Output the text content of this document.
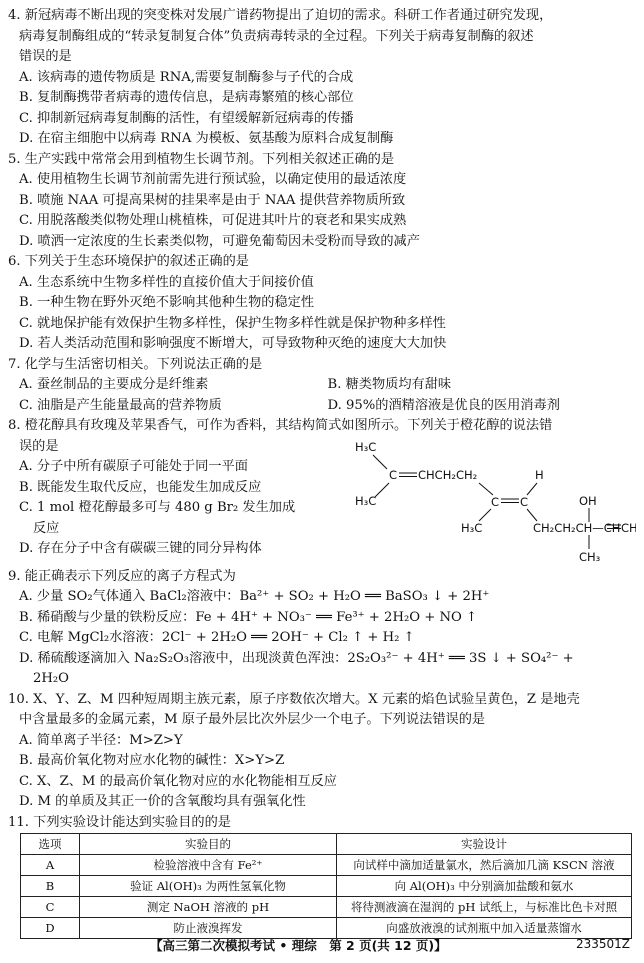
4. 新冠病毒不断出现的突变株对发展广谱药物提出了迫切的需求。科研工作者通过研究发现，
病毒复制酶组成的“转录复制复合体”负责病毒转录的全过程。下列关于病毒复制酶的叙述
错误的是
A. 该病毒的遗传物质是 RNA,需要复制酶参与子代的合成
B. 复制酶携带者病毒的遗传信息，是病毒繁殖的核心部位
C. 抑制新冠病毒复制酶的活性，有望缓解新冠病毒的传播
D. 在宿主细胞中以病毒 RNA 为模板、氨基酸为原料合成复制酶
5. 生产实践中常常会用到植物生长调节剂。下列相关叙述正确的是
A. 使用植物生长调节剂前需先进行预试验，以确定使用的最适浓度
B. 喷施 NAA 可提高果树的挂果率是由于 NAA 提供营养物质所致
C. 用脱落酸类似物处理山桃植株，可促进其叶片的衰老和果实成熟
D. 喷洒一定浓度的生长素类似物，可避免葡萄因未受粉而导致的减产
6. 下列关于生态环境保护的叙述正确的是
A. 生态系统中生物多样性的直接价值大于间接价值
B. 一种生物在野外灭绝不影响其他种生物的稳定性
C. 就地保护能有效保护生物多样性，保护生物多样性就是保护物种多样性
D. 若人类活动范围和影响强度不断增大，可导致物种灭绝的速度大大加快
7. 化学与生活密切相关。下列说法正确的是
A. 蚕丝制品的主要成分是纤维素	B. 糖类物质均有甜味
C. 油脂是产生能量最高的营养物质	D. 95%的酒精溶液是优良的医用消毒剂
8. 橙花醇具有玫瑰及苹果香气，可作为香料，其结构简式如图所示。下列关于橙花醇的说法错
误的是
A. 分子中所有碳原子可能处于同一平面
B. 既能发生取代反应，也能发生加成反应
C. 1 mol 橙花醇最多可与 480 g Br₂ 发生加成
反应
D. 存在分子中含有碳碳三键的同分异构体
H₃C
C CHCH₂CH₂
H₃C	C C
H
H₃C	CH₂CH₂CH—CH
OH
CH
CH₃
9. 能正确表示下列反应的离子方程式为
A. 少量 SO₂气体通入 BaCl₂溶液中：Ba²⁺ + SO₂ + H₂O ══ BaSO₃ ↓ + 2H⁺
B. 稀硝酸与少量的铁粉反应：Fe + 4H⁺ + NO₃⁻ ══ Fe³⁺ + 2H₂O + NO ↑
C. 电解 MgCl₂水溶液：2Cl⁻ + 2H₂O ══ 2OH⁻ + Cl₂ ↑ + H₂ ↑
D. 稀硫酸逐滴加入 Na₂S₂O₃溶液中，出现淡黄色浑浊：2S₂O₃²⁻ + 4H⁺ ══ 3S ↓ + SO₄²⁻ +
2H₂O
10. X、Y、Z、M 四种短周期主族元素，原子序数依次增大。X 元素的焰色试验呈黄色，Z 是地壳
中含量最多的金属元素，M 原子最外层比次外层少一个电子。下列说法错误的是
A. 简单离子半径：M>Z>Y
B. 最高价氧化物对应水化物的碱性：X>Y>Z
C. X、Z、M 的最高价氧化物对应的水化物能相互反应
D. M 的单质及其正一价的含氧酸均具有强氧化性
11. 下列实验设计能达到实验目的的是
选项	实验目的	实验设计
A	检验溶液中含有 Fe²⁺	向试样中滴加适量氯水，然后滴加几滴 KSCN 溶液
B	验证 Al(OH)₃ 为两性氢氧化物	向 Al(OH)₃ 中分别滴加盐酸和氨水
C	测定 NaOH 溶液的 pH	将待测液滴在湿润的 pH 试纸上，与标准比色卡对照
D	防止液溴挥发	向盛放液溴的试剂瓶中加入适量蒸馏水
【高三第二次模拟考试 • 理综　第 2 页(共 12 页)】	233501Z
